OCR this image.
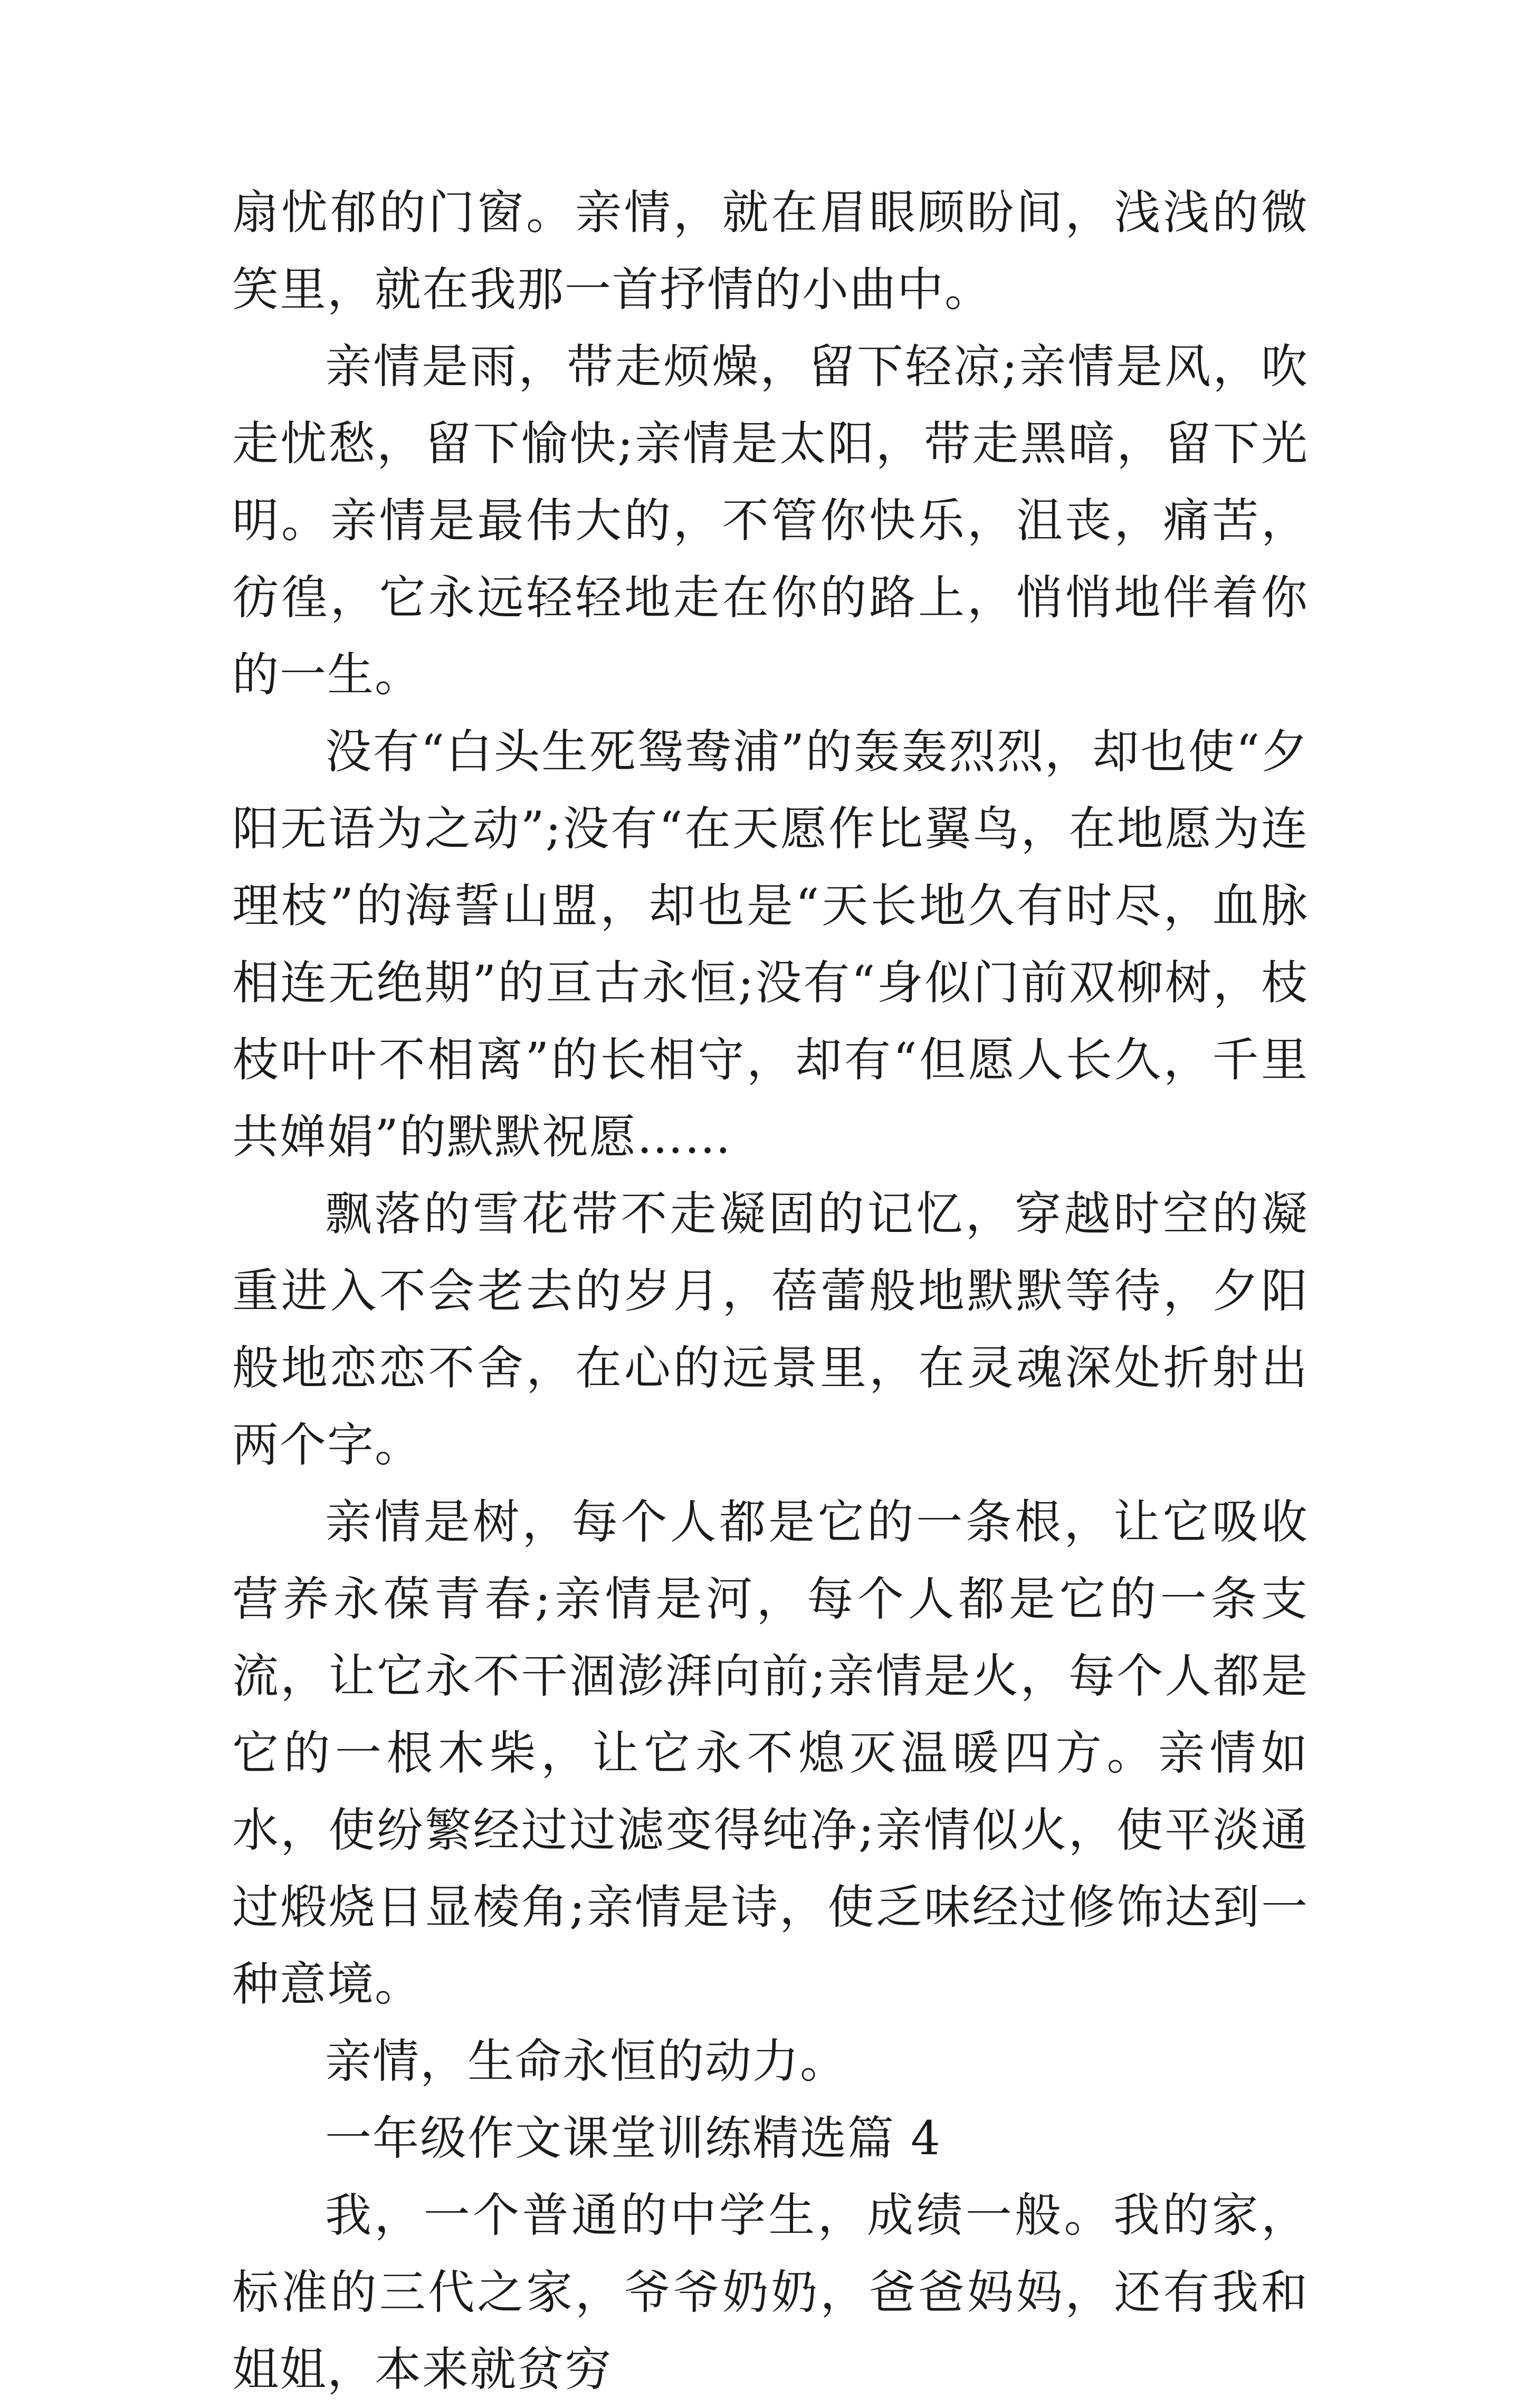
扇忧郁的门窗。亲情，就在眉眼顾盼间，浅浅的微笑里，就在我那一首抒情的小曲中。

亲情是雨，带走烦燥，留下轻凉;亲情是风，吹走忧愁，留下愉快;亲情是太阳，带走黑暗，留下光明。亲情是最伟大的，不管你快乐，沮丧，痛苦，彷徨，它永远轻轻地走在你的路上，悄悄地伴着你的一生。

没有“白头生死鸳鸯浦”的轰轰烈烈，却也使“夕阳无语为之动”;没有“在天愿作比翼鸟，在地愿为连理枝”的海誓山盟，却也是“天长地久有时尽，血脉相连无绝期”的亘古永恒;没有“身似门前双柳树，枝枝叶叶不相离”的长相守，却有“但愿人长久，千里共婵娟”的默默祝愿……

飘落的雪花带不走凝固的记忆，穿越时空的凝重进入不会老去的岁月，蓓蕾般地默默等待，夕阳般地恋恋不舍，在心的远景里，在灵魂深处折射出两个字。

亲情是树，每个人都是它的一条根，让它吸收营养永葆青春;亲情是河，每个人都是它的一条支流，让它永不干涸澎湃向前;亲情是火，每个人都是它的一根木柴，让它永不熄灭温暖四方。亲情如水，使纷繁经过过滤变得纯净;亲情似火，使平淡通过煅烧日显棱角;亲情是诗，使乏味经过修饰达到一种意境。

亲情，生命永恒的动力。

一年级作文课堂训练精选篇 4

我，一个普通的中学生，成绩一般。我的家，标准的三代之家，爷爷奶奶，爸爸妈妈，还有我和姐姐，本来就贫穷
